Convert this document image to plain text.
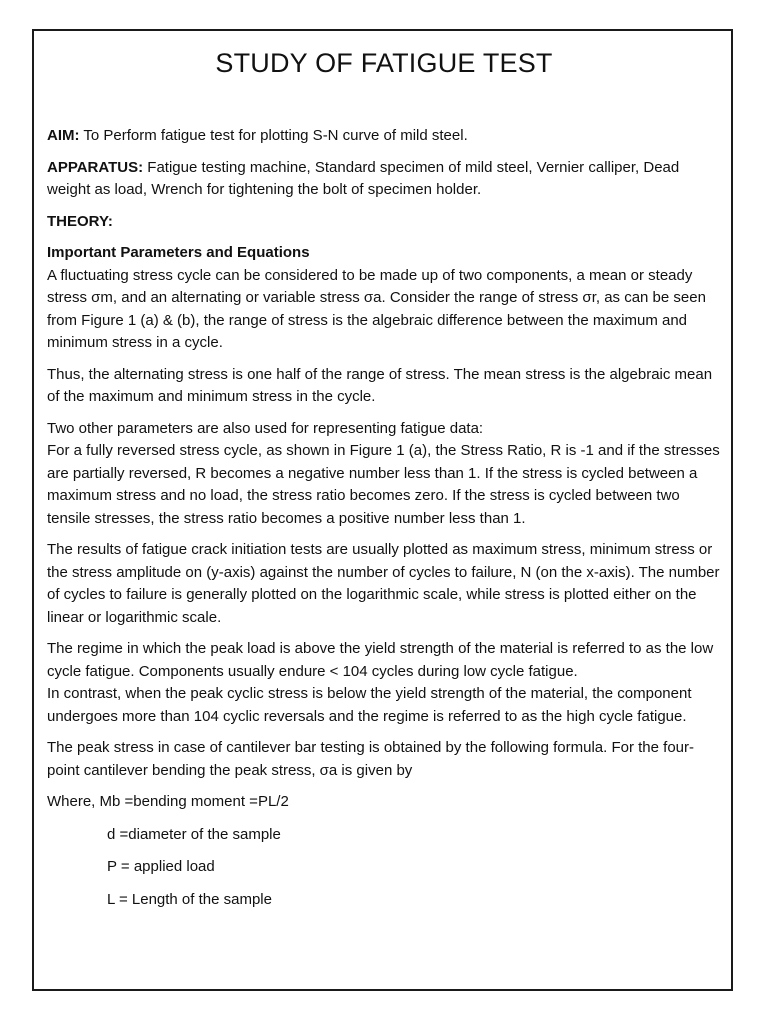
STUDY OF FATIGUE TEST

AIM: To Perform fatigue test for plotting S-N curve of mild steel.

APPARATUS: Fatigue testing machine, Standard specimen of mild steel, Vernier calliper, Dead weight as load, Wrench for tightening the bolt of specimen holder.

THEORY:

Important Parameters and Equations

A fluctuating stress cycle can be considered to be made up of two components, a mean or steady stress σm, and an alternating or variable stress σa. Consider the range of stress σr, as can be seen from Figure 1 (a) & (b), the range of stress is the algebraic difference between the maximum and minimum stress in a cycle.

Thus, the alternating stress is one half of the range of stress. The mean stress is the algebraic mean of the maximum and minimum stress in the cycle.

Two other parameters are also used for representing fatigue data:

For a fully reversed stress cycle, as shown in Figure 1 (a), the Stress Ratio, R is -1 and if the stresses are partially reversed, R becomes a negative number less than 1. If the stress is cycled between a maximum stress and no load, the stress ratio becomes zero. If the stress is cycled between two tensile stresses, the stress ratio becomes a positive number less than 1.

The results of fatigue crack initiation tests are usually plotted as maximum stress, minimum stress or the stress amplitude on (y-axis) against the number of cycles to failure, N (on the x-axis). The number of cycles to failure is generally plotted on the logarithmic scale, while stress is plotted either on the linear or logarithmic scale.

The regime in which the peak load is above the yield strength of the material is referred to as the low cycle fatigue. Components usually endure < 104 cycles during low cycle fatigue.

In contrast, when the peak cyclic stress is below the yield strength of the material, the component undergoes more than 104 cyclic reversals and the regime is referred to as the high cycle fatigue.

The peak stress in case of cantilever bar testing is obtained by the following formula. For the four-point cantilever bending the peak stress, σa is given by

Where, Mb =bending moment =PL/2

d =diameter of the sample

P = applied load

L = Length of the sample
